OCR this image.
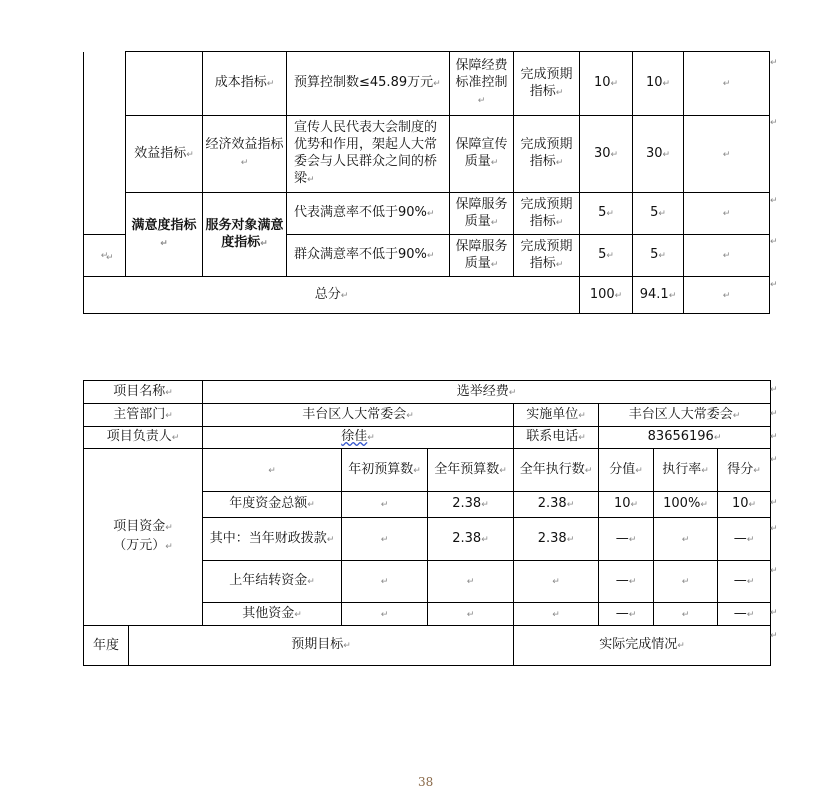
		成本指标 ↵	预算控制数≤45.89万元 ↵	保障经费标准控制 ↵	完成预期指标 ↵	10 ↵	10 ↵	↵
	效益指标 ↵	经济效益指标 ↵	宣传人民代表大会制度的优势和作用，架起人大常委会与人民群众之间的桥梁 ↵	保障宣传质量 ↵	完成预期指标 ↵	30 ↵	30 ↵	↵
	满意度指标 ↵	服务对象满意度指标 ↵	代表满意率不低于90% ↵	保障服务质量 ↵	完成预期指标 ↵	5 ↵	5 ↵	↵
↵	群众满意率不低于90% ↵	保障服务质量 ↵	完成预期指标 ↵	5 ↵	5 ↵	↵
总分 ↵						100 ↵	94.1 ↵	↵
项目名称 ↵		选举经费 ↵
主管部门 ↵		丰台区人大常委会 ↵			实施单位 ↵	丰台区人大常委会 ↵
项目负责人 ↵		徐佳 ↵			联系电话 ↵	83656196 ↵
项目资金 ↵
（万元） ↵	↵		年初预算数 ↵	全年预算数 ↵	全年执行数 ↵	分值 ↵	执行率 ↵	得分 ↵
		年度资金总额 ↵	↵	2.38 ↵	2.38 ↵	10 ↵	100% ↵	10 ↵
		其中：当年财政拨款 ↵	↵	2.38 ↵	2.38 ↵	— ↵	↵	— ↵
		上年结转资金 ↵	↵	↵	↵	— ↵	↵	— ↵
		其他资金 ↵	↵	↵	↵	— ↵	↵	— ↵
年度	预期目标 ↵				实际完成情况 ↵
↵
↵
↵
↵
↵
↵
↵
↵
↵
↵
↵
↵
↵
↵
↵
38
